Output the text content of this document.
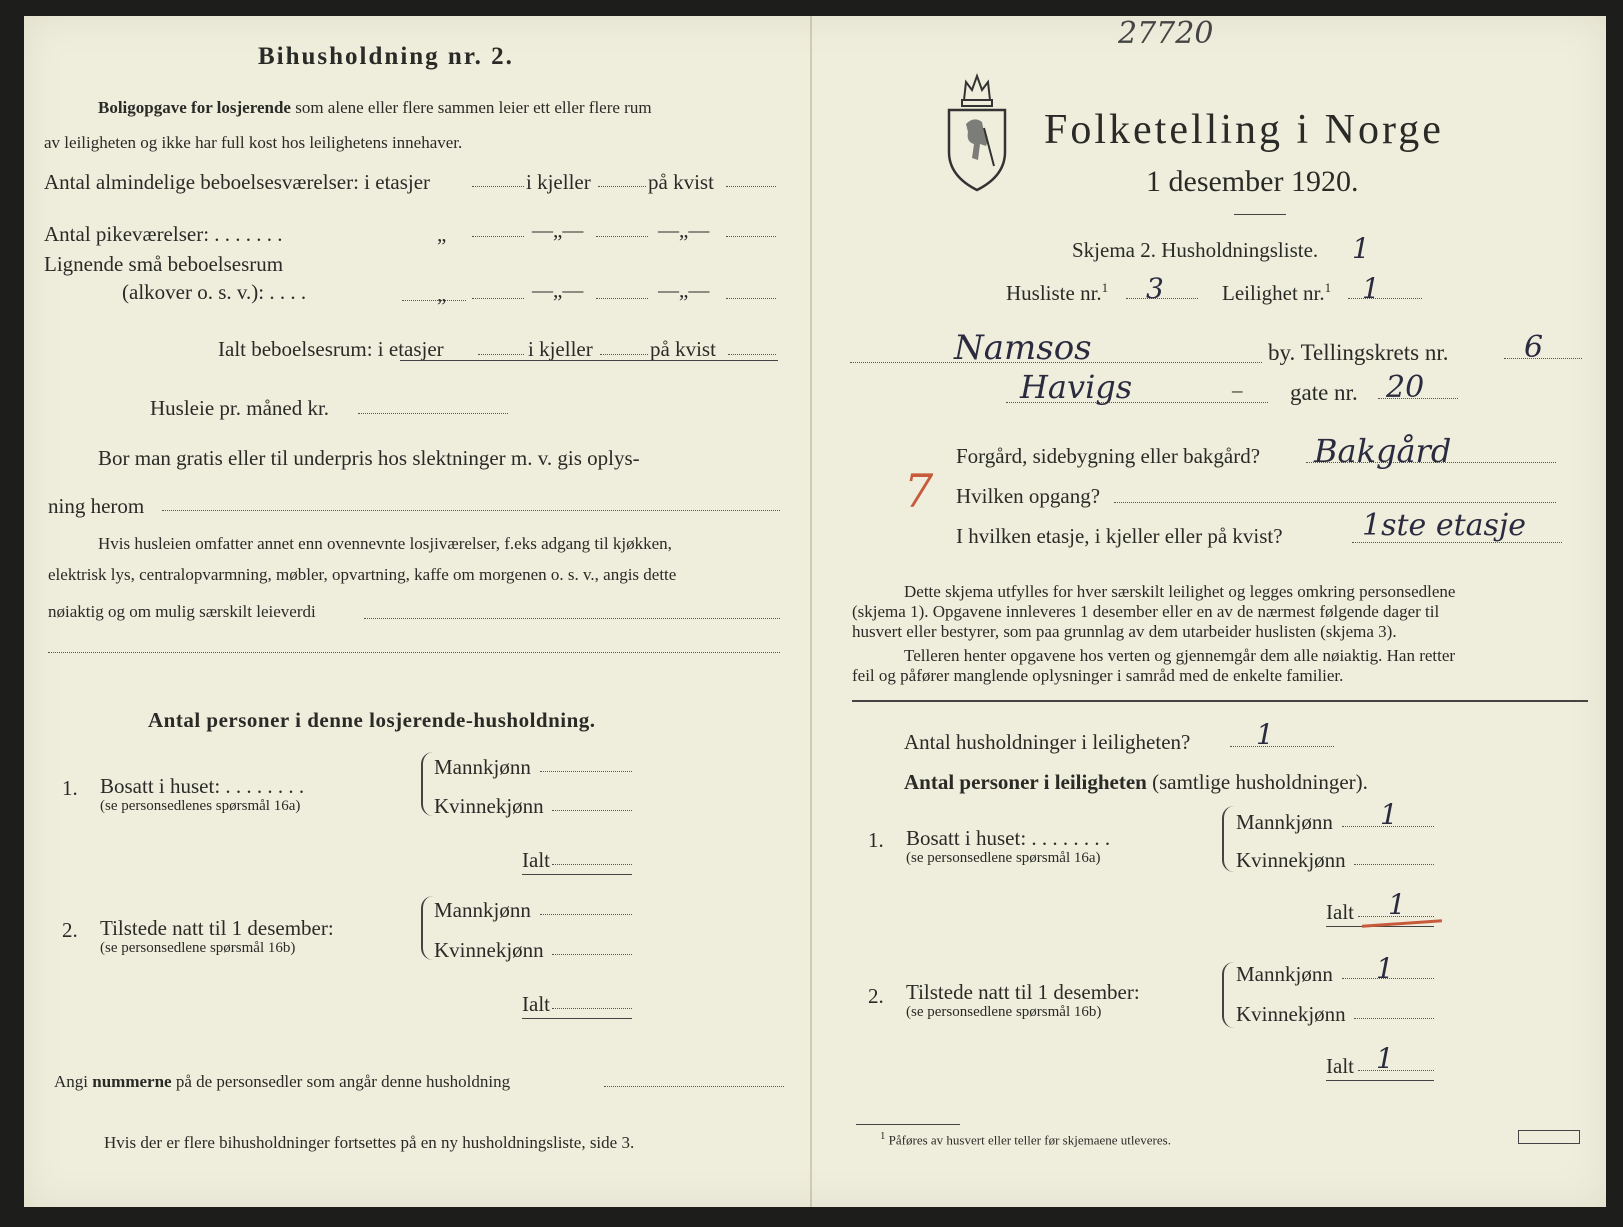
27720
Bihusholdning nr. 2.
Boligopgave for losjerende som alene eller flere sammen leier ett eller flere rum
av leiligheten og ikke har full kost hos leilighetens innehaver.
Antal almindelige beboelsesværelser: i etasjer	i kjeller	på kvist
Antal pikeværelser: . . . . . . .	„	—„—	—„—
Lignende små beboelsesrum
(alkover o. s. v.): . . . .	„	—„—	—„—
Ialt beboelsesrum: i etasjer	i kjeller	på kvist
Husleie pr. måned kr.
Bor man gratis eller til underpris hos slektninger m. v. gis oplys-
ning herom
Hvis husleien omfatter annet enn ovennevnte losjiværelser, f.eks adgang til kjøkken,
elektrisk lys, centralopvarmning, møbler, opvartning, kaffe om morgenen o. s. v., angis dette
nøiaktig og om mulig særskilt leieverdi
Antal personer i denne losjerende-husholdning.
1. Bosatt i huset: . . . . . . . .
(se personsedlenes spørsmål 16a)
Mannkjønn
Kvinnekjønn
Ialt
2. Tilstede natt til 1 desember:
(se personsedlene spørsmål 16b)
Mannkjønn
Kvinnekjønn
Ialt
Angi nummerne på de personsedler som angår denne husholdning
Hvis der er flere bihusholdninger fortsettes på en ny husholdningsliste, side 3.
Folketelling i Norge
1 desember 1920.
Skjema 2. Husholdningsliste. 1
Husliste nr.$^1$ 3	Leilighet nr.$^1$ 1
Namsos	by. Tellingskrets nr.	6
Havigs	– gate nr. 20
Forgård, sidebygning eller bakgård? Bakgård
7 Hvilken opgang?
I hvilken etasje, i kjeller eller på kvist?	1ste etasje
Dette skjema utfylles for hver særskilt leilighet og legges omkring personsedlene
(skjema 1). Opgavene innleveres 1 desember eller en av de nærmest følgende dager til
husvert eller bestyrer, som paa grunnlag av dem utarbeider huslisten (skjema 3).
Telleren henter opgavene hos verten og gjennemgår dem alle nøiaktig. Han retter
feil og påfører manglende oplysninger i samråd med de enkelte familier.
Antal husholdninger i leiligheten? 1
Antal personer i leiligheten (samtlige husholdninger).
1. Bosatt i huset: . . . . . . . .
(se personsedlene spørsmål 16a)
Mannkjønn 1
Kvinnekjønn
Ialt 1
2. Tilstede natt til 1 desember:
(se personsedlene spørsmål 16b)
Mannkjønn 1
Kvinnekjønn
Ialt 1
$^1$ Påføres av husvert eller teller før skjemaene utleveres.
